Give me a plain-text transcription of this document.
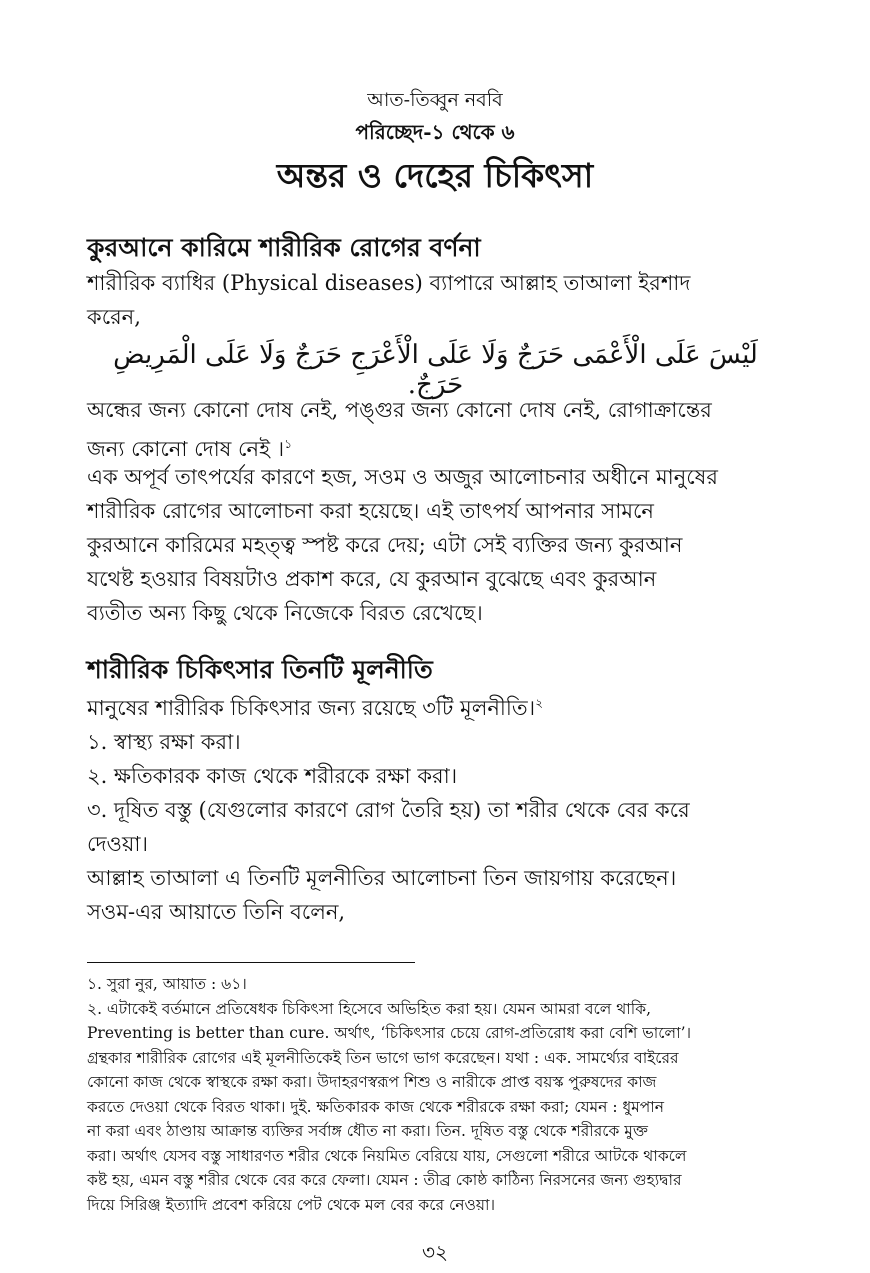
আত-তিব্বুন নববি
পরিচ্ছেদ-১ থেকে ৬
অন্তর ও দেহের চিকিৎসা
কুরআনে কারিমে শারীরিক রোগের বর্ণনা
শারীরিক ব্যাধির (Physical diseases) ব্যাপারে আল্লাহ তাআলা ইরশাদ
করেন,
لَيْسَ عَلَى الْأَعْمَى حَرَجٌ وَلَا عَلَى الْأَعْرَجِ حَرَجٌ وَلَا عَلَى الْمَرِيضِ حَرَجٌ.
অন্ধের জন্য কোনো দোষ নেই, পঙ্গুর জন্য কোনো দোষ নেই, রোগাক্রান্তের
জন্য কোনো দোষ নেই ।$^১$
এক অপূর্ব তাৎপর্যের কারণে হজ, সওম ও অজুর আলোচনার অধীনে মানুষের
শারীরিক রোগের আলোচনা করা হয়েছে। এই তাৎপর্য আপনার সামনে
কুরআনে কারিমের মহত্ত্ব স্পষ্ট করে দেয়; এটা সেই ব্যক্তির জন্য কুরআন
যথেষ্ট হওয়ার বিষয়টাও প্রকাশ করে, যে কুরআন বুঝেছে এবং কুরআন
ব্যতীত অন্য কিছু থেকে নিজেকে বিরত রেখেছে।
শারীরিক চিকিৎসার তিনটি মূলনীতি
মানুষের শারীরিক চিকিৎসার জন্য রয়েছে ৩টি মূলনীতি।$^২$
১. স্বাস্থ্য রক্ষা করা।
২. ক্ষতিকারক কাজ থেকে শরীরকে রক্ষা করা।
৩. দূষিত বস্তু (যেগুলোর কারণে রোগ তৈরি হয়) তা শরীর থেকে বের করে
দেওয়া।
আল্লাহ তাআলা এ তিনটি মূলনীতির আলোচনা তিন জায়গায় করেছেন।
সওম-এর আয়াতে তিনি বলেন,
১. সুরা নুর, আয়াত : ৬১।
২. এটাকেই বর্তমানে প্রতিষেধক চিকিৎসা হিসেবে অভিহিত করা হয়। যেমন আমরা বলে থাকি,
Preventing is better than cure. অর্থাৎ, ‘চিকিৎসার চেয়ে রোগ-প্রতিরোধ করা বেশি ভালো’।
গ্রন্থকার শারীরিক রোগের এই মূলনীতিকেই তিন ভাগে ভাগ করেছেন। যথা : এক. সামর্থ্যের বাইরের
কোনো কাজ থেকে স্বাস্থকে রক্ষা করা। উদাহরণস্বরূপ শিশু ও নারীকে প্রাপ্ত বয়স্ক পুরুষদের কাজ
করতে দেওয়া থেকে বিরত থাকা। দুই. ক্ষতিকারক কাজ থেকে শরীরকে রক্ষা করা; যেমন : ধুমপান
না করা এবং ঠাণ্ডায় আক্রান্ত ব্যক্তির সর্বাঙ্গ ধৌত না করা। তিন. দূষিত বস্তু থেকে শরীরকে মুক্ত
করা। অর্থাৎ যেসব বস্তু সাধারণত শরীর থেকে নিয়মিত বেরিয়ে যায়, সেগুলো শরীরে আটকে থাকলে
কষ্ট হয়, এমন বস্তু শরীর থেকে বের করে ফেলা। যেমন : তীব্র কোষ্ঠ কাঠিন্য নিরসনের জন্য গুহ্যদ্বার
দিয়ে সিরিঞ্জ ইত্যাদি প্রবেশ করিয়ে পেট থেকে মল বের করে নেওয়া।
৩২
